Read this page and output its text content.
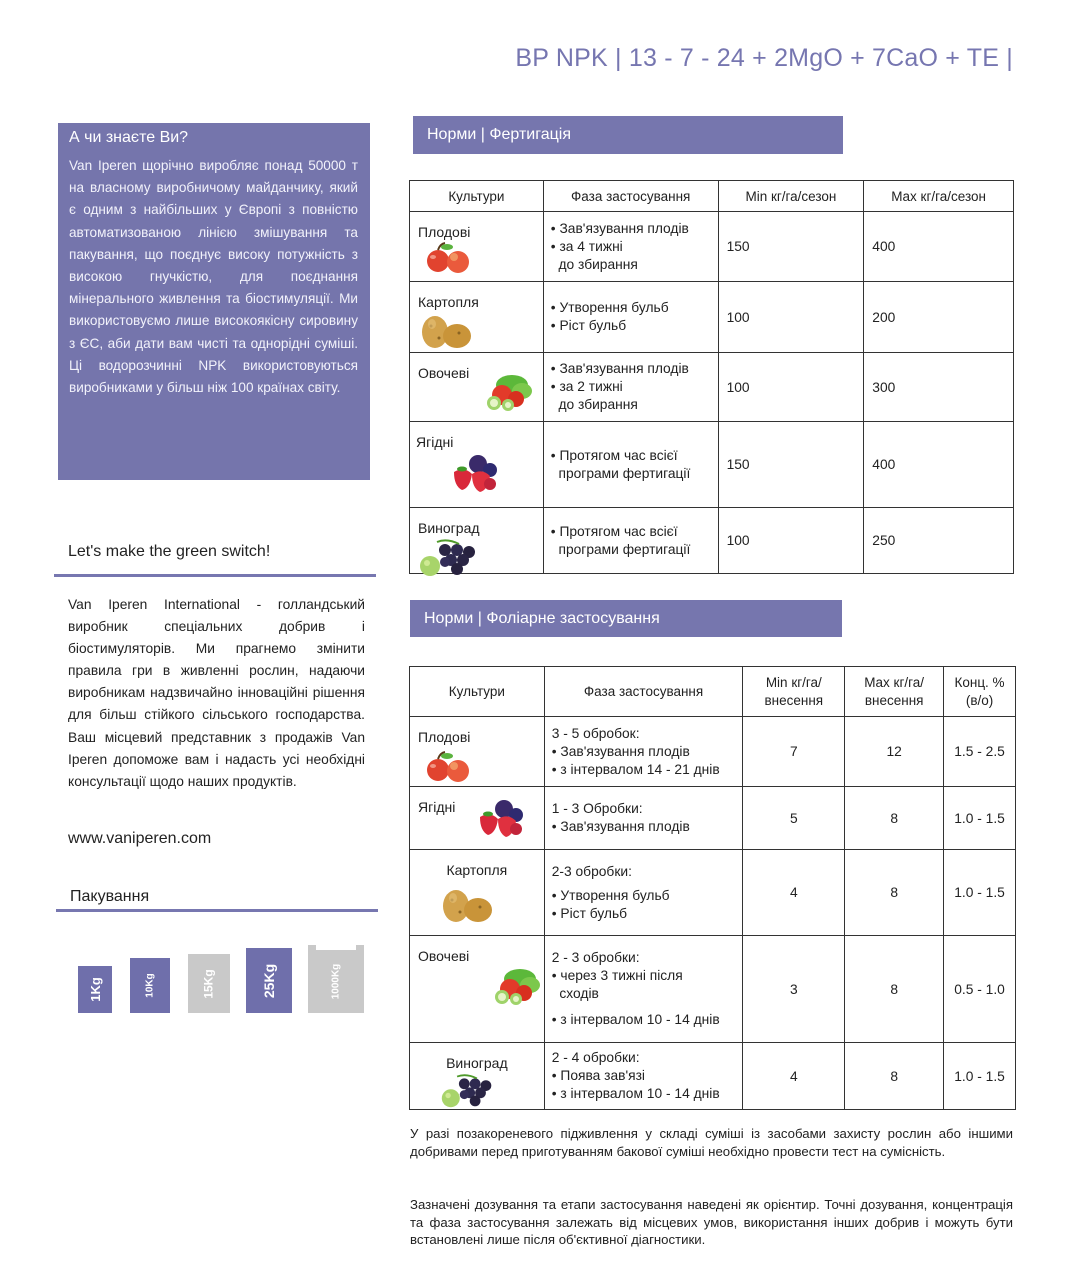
BP NPK | 13 - 7 - 24 + 2MgO + 7CaO + TE |
А чи знаєте Ви?

Van Iperen щорічно виробляє понад 50000 т на власному виробничому майданчику, який є одним з найбільших у Європі з повністю автоматизованою лінією змішування та пакування, що поєднує високу потужність з високою гнучкістю, для поєднання мінерального живлення та біостимуляції. Ми використовуємо лише високоякісну сировину з ЄС, аби дати вам чисті та однорідні суміші. Ці водорозчинні NPK використовуються виробниками у більш ніж 100 країнах світу.

Let's make the green switch!

Van Iperen International - голландський виробник спеціальних добрив і біостимуляторів. Ми прагнемо змінити правила гри в живленні рослин, надаючи виробникам надзвичайно інноваційні рішення для більш стійкого сільського господарства. Ваш місцевий представник з продажів Van Iperen допоможе вам і надасть усі необхідні консультації щодо наших продуктів.

www.vaniperen.com
Пакування
1Kg	10Kg	15Kg	25Kg	1000Kg
Норми | Фертигація
Культури	Фаза застосування	Min кг/га/сезон	Max кг/га/сезон

Плодові	• Зав'язування плодів
• за 4 тижні
до збирання	150	400

Картопля	• Утворення бульб
• Ріст бульб	100	200

Овочеві	• Зав'язування плодів
• за 2 тижні
до збирання	100	300

Ягідні	• Протягом час всієї
програми фертигації	150	400

Виноград	• Протягом час всієї
програми фертигації	100	250
Норми | Фоліарне застосування
Культури	Фаза застосування	Min кг/га/ внесення	Max кг/га/ внесення	Конц. % (в/о)

Плодові	3 - 5 обробок:
• Зав'язування плодів
• з інтервалом 14 - 21 днів	7	12	1.5 - 2.5

Ягідні	1 - 3 Обробки:
• Зав'язування плодів	5	8	1.0 - 1.5

Картопля	2-3 обробки:
• Утворення бульб
• Ріст бульб	4	8	1.0 - 1.5

Овочеві	2 - 3 обробки:
• через 3 тижні після
сходів
• з інтервалом 10 - 14 днів	3	8	0.5 - 1.0

Виноград	2 - 4 обробки:
• Поява зав'язі
• з інтервалом 10 - 14 днів	4	8	1.0 - 1.5

У разі позакореневого підживлення у складі суміші із засобами захисту рослин або іншими добривами перед приготуванням бакової суміші необхідно провести тест на сумісність.

Зазначені дозування та етапи застосування наведені як орієнтир. Точні дозування, концентрація та фаза застосування залежать від місцевих умов, використання інших добрив і можуть бути встановлені лише після об'єктивної діагностики.
